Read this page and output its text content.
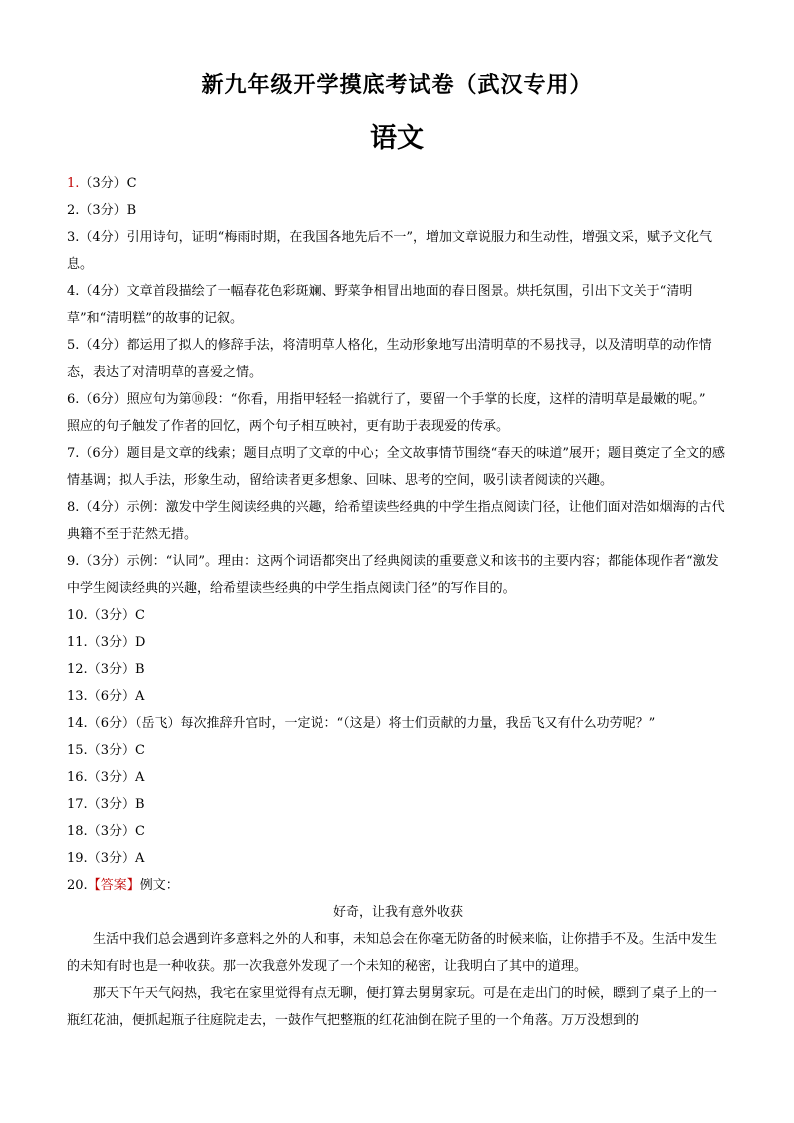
新九年级开学摸底考试卷（武汉专用）
语文

1.（3分）C

2.（3分）B

3.（4分）引用诗句，证明“梅雨时期，在我国各地先后不一”，增加文章说服力和生动性，增强文采，赋予文化气息。

4.（4分）文章首段描绘了一幅春花色彩斑斓、野菜争相冒出地面的春日图景。烘托氛围，引出下文关于“清明草”和“清明糕”的故事的记叙。

5.（4分）都运用了拟人的修辞手法，将清明草人格化，生动形象地写出清明草的不易找寻，以及清明草的动作情态，表达了对清明草的喜爱之情。

6.（6分）照应句为第⑩段：“你看，用指甲轻轻一掐就行了，要留一个手掌的长度，这样的清明草是最嫩的呢。”　　照应的句子触发了作者的回忆，两个句子相互映衬，更有助于表现爱的传承。

7.（6分）题目是文章的线索；题目点明了文章的中心；全文故事情节围绕“春天的味道”展开；题目奠定了全文的感情基调；拟人手法，形象生动，留给读者更多想象、回味、思考的空间，吸引读者阅读的兴趣。

8.（4分）示例：激发中学生阅读经典的兴趣，给希望读些经典的中学生指点阅读门径，让他们面对浩如烟海的古代典籍不至于茫然无措。

9.（3分）示例：“认同”。理由：这两个词语都突出了经典阅读的重要意义和该书的主要内容；都能体现作者“激发中学生阅读经典的兴趣，给希望读些经典的中学生指点阅读门径”的写作目的。

10.（3分）C

11.（3分）D

12.（3分）B

13.（6分）A

14.（6分）（岳飞）每次推辞升官时，一定说：“（这是）将士们贡献的力量，我岳飞又有什么功劳呢？”

15.（3分）C

16.（3分）A

17.（3分）B

18.（3分）C

19.（3分）A

20.【答案】例文：

好奇，让我有意外收获

生活中我们总会遇到许多意料之外的人和事，未知总会在你毫无防备的时候来临，让你措手不及。生活中发生的未知有时也是一种收获。那一次我意外发现了一个未知的秘密，让我明白了其中的道理。

那天下午天气闷热，我宅在家里觉得有点无聊，便打算去舅舅家玩。可是在走出门的时候，瞟到了桌子上的一瓶红花油，便抓起瓶子往庭院走去，一鼓作气把整瓶的红花油倒在院子里的一个角落。万万没想到的
